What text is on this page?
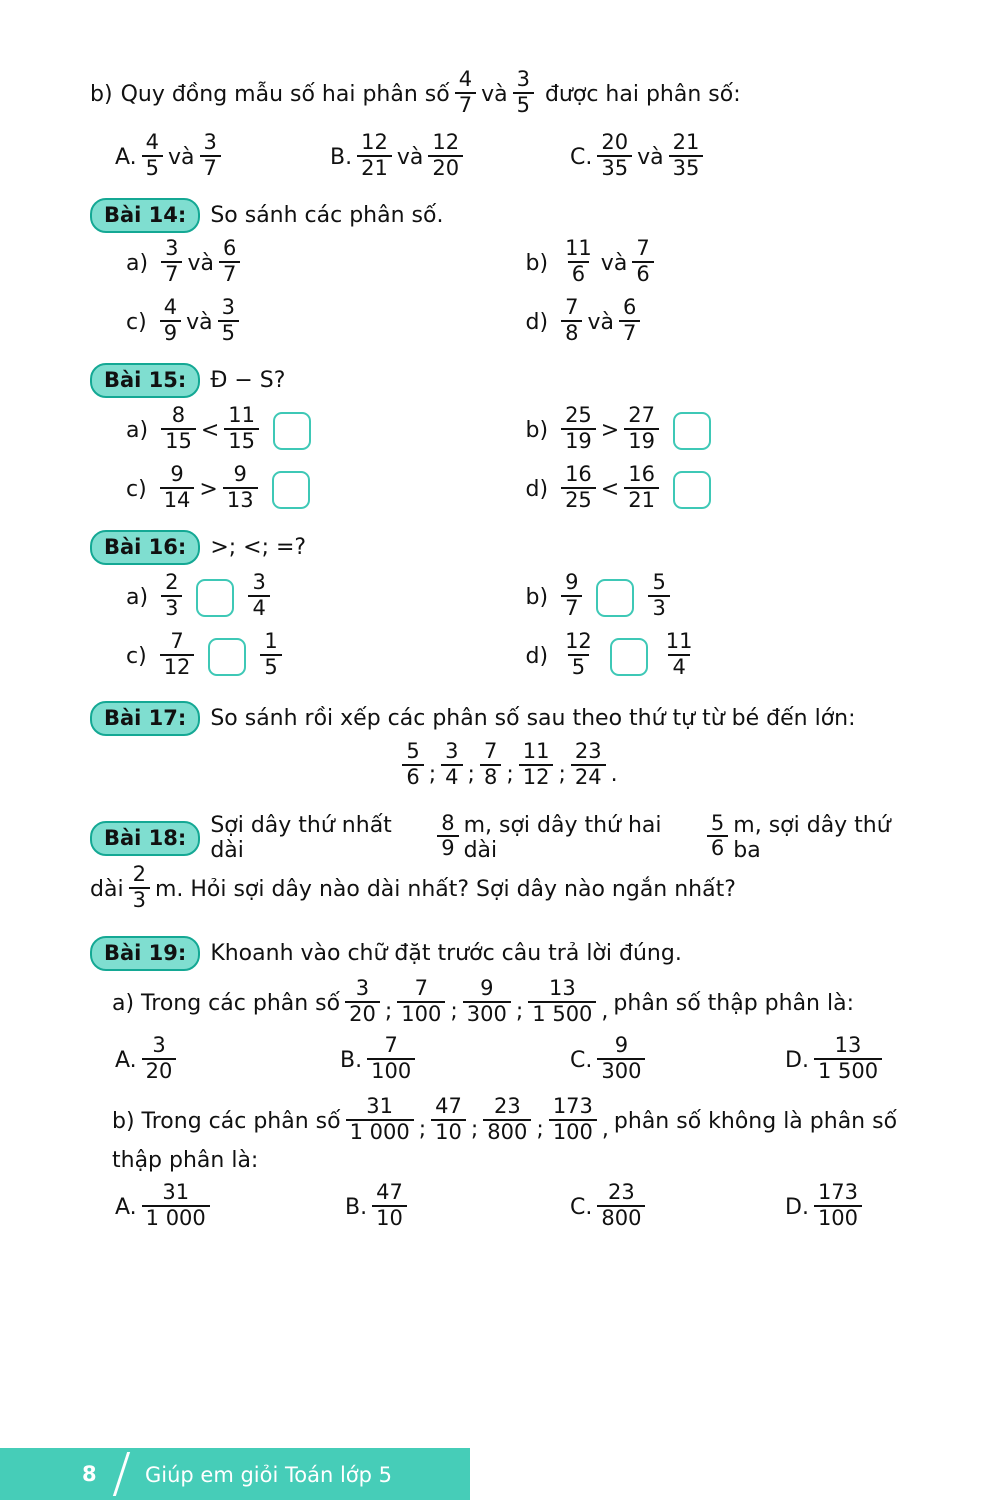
b) Quy đồng mẫu số hai phân số $\frac{4}{7}$ và $\frac{3}{5}$ được hai phân số:
A. $\frac{4}{5}$ và $\frac{3}{7}$	B. $\frac{12}{21}$ và $\frac{12}{20}$	C. $\frac{20}{35}$ và $\frac{21}{35}$
Bài 14:	So sánh các phân số.
$a) \frac{3}{7}$ và $\frac{6}{7}$	$b) \frac{11}{6}$ và $\frac{7}{6}$
$c) \frac{4}{9}$ và $\frac{3}{5}$	$d) \frac{7}{8}$ và $\frac{6}{7}$
Bài 15:	Đ − S?
$a) \frac{8}{15} < \frac{11}{15}$	$b) \frac{25}{19} > \frac{27}{19}$
$c) \frac{9}{14} > \frac{9}{13}$	$d) \frac{16}{25} < \frac{16}{21}$
Bài 16:	>; <; =?
$a) \frac{2}{3}$	$\frac{3}{4}$	$b) \frac{9}{7}$	$\frac{5}{3}$
$c) \frac{7}{12}$	$\frac{1}{5}$	$d) \frac{12}{5}$	$\frac{11}{4}$
Bài 17:	So sánh rồi xếp các phân số sau theo thứ tự từ bé đến lớn:
$\frac{5}{6}$ ; $\frac{3}{4}$ ; $\frac{7}{8}$ ; $\frac{11}{12}$ ; $\frac{23}{24}$ .
Bài 18:	Sợi dây thứ nhất dài	$\frac{8}{9} m$, sợi dây thứ hai dài	$\frac{5}{6} m$, sợi dây thứ ba
dài $\frac{2}{3} m$. Hỏi sợi dây nào dài nhất? Sợi dây nào ngắn nhất?
Bài 19:	Khoanh vào chữ đặt trước câu trả lời đúng.
a) Trong các phân số $\frac{3}{20}$ ; $\frac{7}{100}$ ; $\frac{9}{300}$ ; $\frac{13}{1 500}$ , phân số thập phân là:
A. $\frac{3}{20}$	B. $\frac{7}{100}$	C. $\frac{9}{300}$	D. $\frac{13}{1 500}$
b) Trong các phân số $\frac{31}{1 000}$ ; $\frac{47}{10}$ ; $\frac{23}{800}$ ; $\frac{173}{100}$ , phân số không là phân số
thập phân là:
A. $\frac{31}{1 000}$	B. $\frac{47}{10}$	C. $\frac{23}{800}$	D. $\frac{173}{100}$
8 Giúp em giỏi Toán lớp 5
